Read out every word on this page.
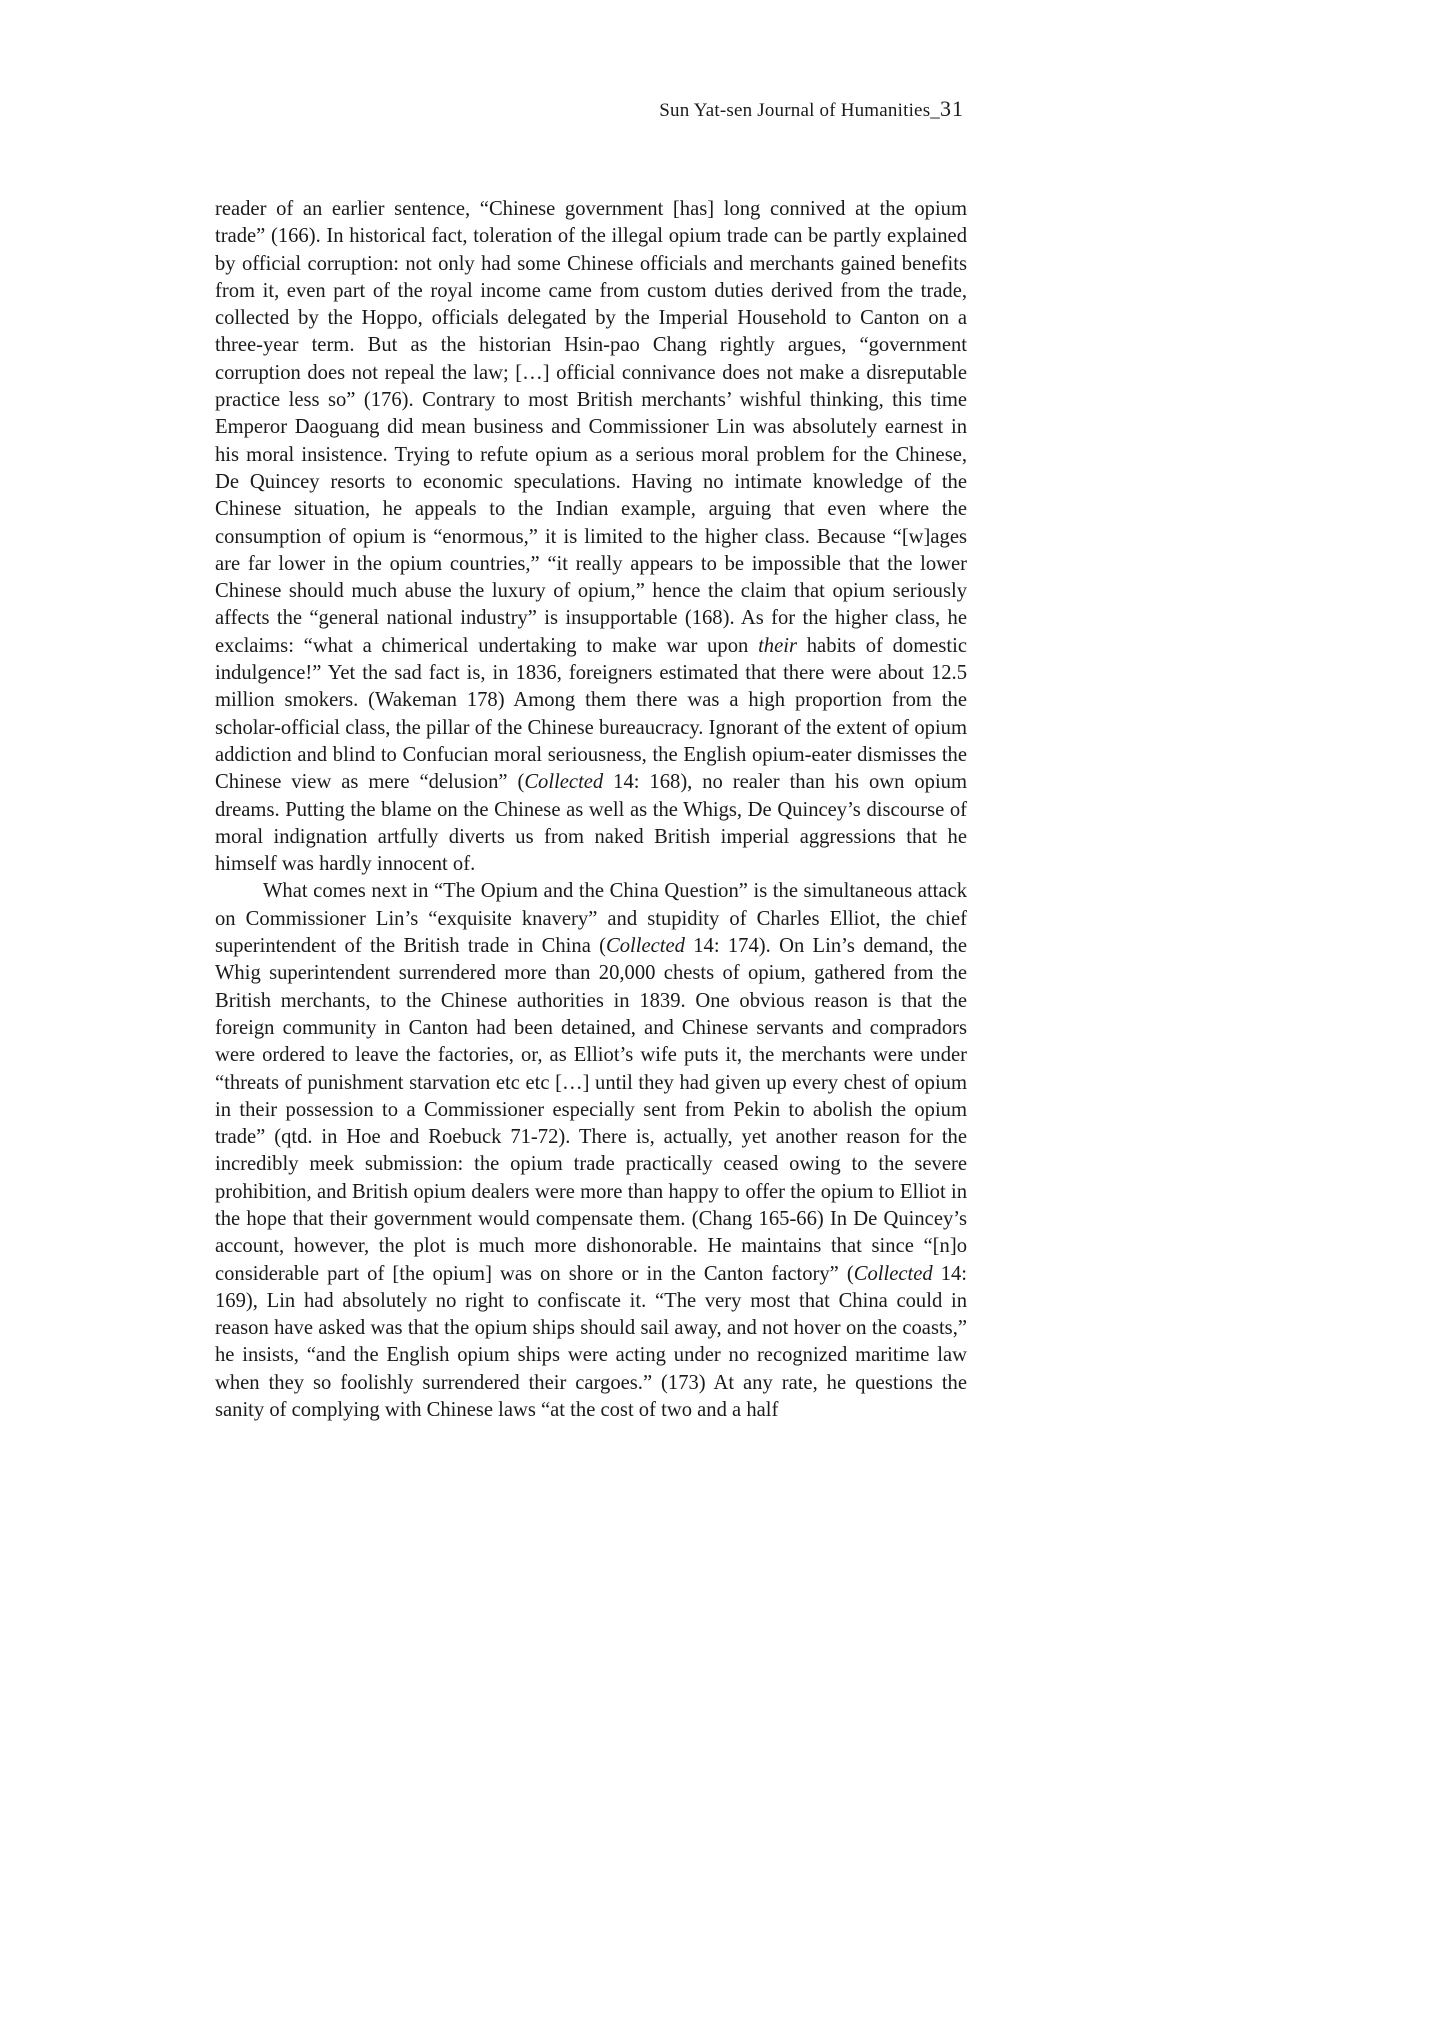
Sun Yat-sen Journal of Humanities_31

reader of an earlier sentence, “Chinese government [has] long connived at the opium trade” (166). In historical fact, toleration of the illegal opium trade can be partly explained by official corruption: not only had some Chinese officials and merchants gained benefits from it, even part of the royal income came from custom duties derived from the trade, collected by the Hoppo, officials delegated by the Imperial Household to Canton on a three-year term. But as the historian Hsin-pao Chang rightly argues, “government corruption does not repeal the law; […] official connivance does not make a disreputable practice less so” (176). Contrary to most British merchants’ wishful thinking, this time Emperor Daoguang did mean business and Commissioner Lin was absolutely earnest in his moral insistence. Trying to refute opium as a serious moral problem for the Chinese, De Quincey resorts to economic speculations. Having no intimate knowledge of the Chinese situation, he appeals to the Indian example, arguing that even where the consumption of opium is “enormous,” it is limited to the higher class. Because “[w]ages are far lower in the opium countries,” “it really appears to be impossible that the lower Chinese should much abuse the luxury of opium,” hence the claim that opium seriously affects the “general national industry” is insupportable (168). As for the higher class, he exclaims: “what a chimerical undertaking to make war upon their habits of domestic indulgence!” Yet the sad fact is, in 1836, foreigners estimated that there were about 12.5 million smokers. (Wakeman 178) Among them there was a high proportion from the scholar-official class, the pillar of the Chinese bureaucracy. Ignorant of the extent of opium addiction and blind to Confucian moral seriousness, the English opium-eater dismisses the Chinese view as mere “delusion” (Collected 14: 168), no realer than his own opium dreams. Putting the blame on the Chinese as well as the Whigs, De Quincey’s discourse of moral indignation artfully diverts us from naked British imperial aggressions that he himself was hardly innocent of.

What comes next in “The Opium and the China Question” is the simultaneous attack on Commissioner Lin’s “exquisite knavery” and stupidity of Charles Elliot, the chief superintendent of the British trade in China (Collected 14: 174). On Lin’s demand, the Whig superintendent surrendered more than 20,000 chests of opium, gathered from the British merchants, to the Chinese authorities in 1839. One obvious reason is that the foreign community in Canton had been detained, and Chinese servants and compradors were ordered to leave the factories, or, as Elliot’s wife puts it, the merchants were under “threats of punishment starvation etc etc […] until they had given up every chest of opium in their possession to a Commissioner especially sent from Pekin to abolish the opium trade” (qtd. in Hoe and Roebuck 71-72). There is, actually, yet another reason for the incredibly meek submission: the opium trade practically ceased owing to the severe prohibition, and British opium dealers were more than happy to offer the opium to Elliot in the hope that their government would compensate them. (Chang 165-66) In De Quincey’s account, however, the plot is much more dishonorable. He maintains that since “[n]o considerable part of [the opium] was on shore or in the Canton factory” (Collected 14: 169), Lin had absolutely no right to confiscate it. “The very most that China could in reason have asked was that the opium ships should sail away, and not hover on the coasts,” he insists, “and the English opium ships were acting under no recognized maritime law when they so foolishly surrendered their cargoes.” (173) At any rate, he questions the sanity of complying with Chinese laws “at the cost of two and a half
